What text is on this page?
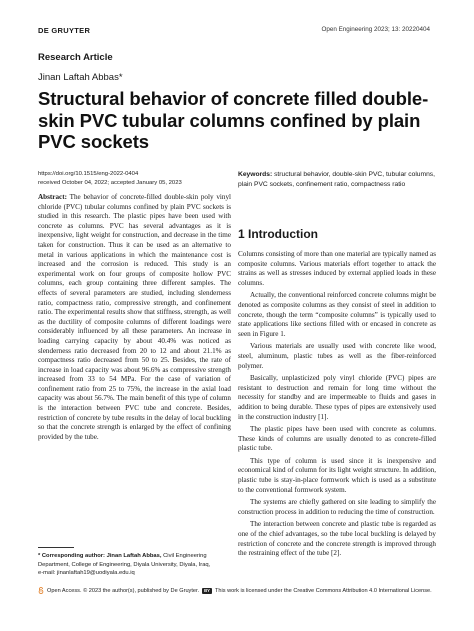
DE GRUYTER	Open Engineering 2023; 13: 20220404
Research Article
Jinan Laftah Abbas*
Structural behavior of concrete filled double-skin PVC tubular columns confined by plain PVC sockets
https://doi.org/10.1515/eng-2022-0404
received October 04, 2022; accepted January 05, 2023

Abstract: The behavior of concrete-filled double-skin poly vinyl chloride (PVC) tubular columns confined by plain PVC sockets is studied in this research. The plastic pipes have been used with concrete as columns. PVC has several advantages as it is inexpensive, light weight for construction, and decrease in the time taken for construction. Thus it can be used as an alternative to metal in various applications in which the maintenance cost is increased and the corrosion is reduced. This study is an experimental work on four groups of composite hollow PVC columns, each group containing three different samples. The effects of several parameters are studied, including slenderness ratio, compactness ratio, compressive strength, and confinement ratio. The experimental results show that stiffness, strength, as well as the ductility of composite columns of different loadings were considerably influenced by all these parameters. An increase in loading carrying capacity by about 40.4% was noticed as slenderness ratio decreased from 20 to 12 and about 21.1% as compactness ratio decreased from 50 to 25. Besides, the rate of increase in load capacity was about 96.6% as compressive strength increased from 33 to 54 MPa. For the case of variation of confinement ratio from 25 to 75%, the increase in the axial load capacity was about 56.7%. The main benefit of this type of column is the interaction between PVC tube and concrete. Besides, restriction of concrete by tube results in the delay of local buckling so that the concrete strength is enlarged by the effect of confining provided by the tube.

Keywords: structural behavior, double-skin PVC, tubular columns, plain PVC sockets, confinement ratio, compactness ratio
1 Introduction

Columns consisting of more than one material are typically named as composite columns. Various materials effort together to attack the strains as well as stresses induced by external applied loads in these columns.

Actually, the conventional reinforced concrete columns might be denoted as composite columns as they consist of steel in addition to concrete, though the term “composite columns” is typically used to state applications like sections filled with or encased in concrete as seen in Figure 1.

Various materials are usually used with concrete like wood, steel, aluminum, plastic tubes as well as the fiber-reinforced polymer.

Basically, unplasticized poly vinyl chloride (PVC) pipes are resistant to destruction and remain for long time without the necessity for standby and are impermeable to fluids and gases in addition to being durable. These types of pipes are extensively used in the construction industry [1].

The plastic pipes have been used with concrete as columns. These kinds of columns are usually denoted to as concrete-filled plastic tube.

This type of column is used since it is inexpensive and economical kind of column for its light weight structure. In addition, plastic tube is stay-in-place formwork which is used as a substitute to the conventional formwork system.

The systems are chiefly gathered on site leading to simplify the construction process in addition to reducing the time of construction.

The interaction between concrete and plastic tube is regarded as one of the chief advantages, so the tube local buckling is delayed by restriction of concrete and the concrete strength is improved through the restraining effect of the tube [2].

* Corresponding author: Jinan Laftah Abbas, Civil Engineering Department, College of Engineering, Diyala University, Diyala, Iraq,
e-mail: jinanlaftah19@uodiyala.edu.iq
Open Access. © 2023 the author(s), published by De Gruyter.	BY This work is licensed under the Creative Commons Attribution 4.0 International License.
